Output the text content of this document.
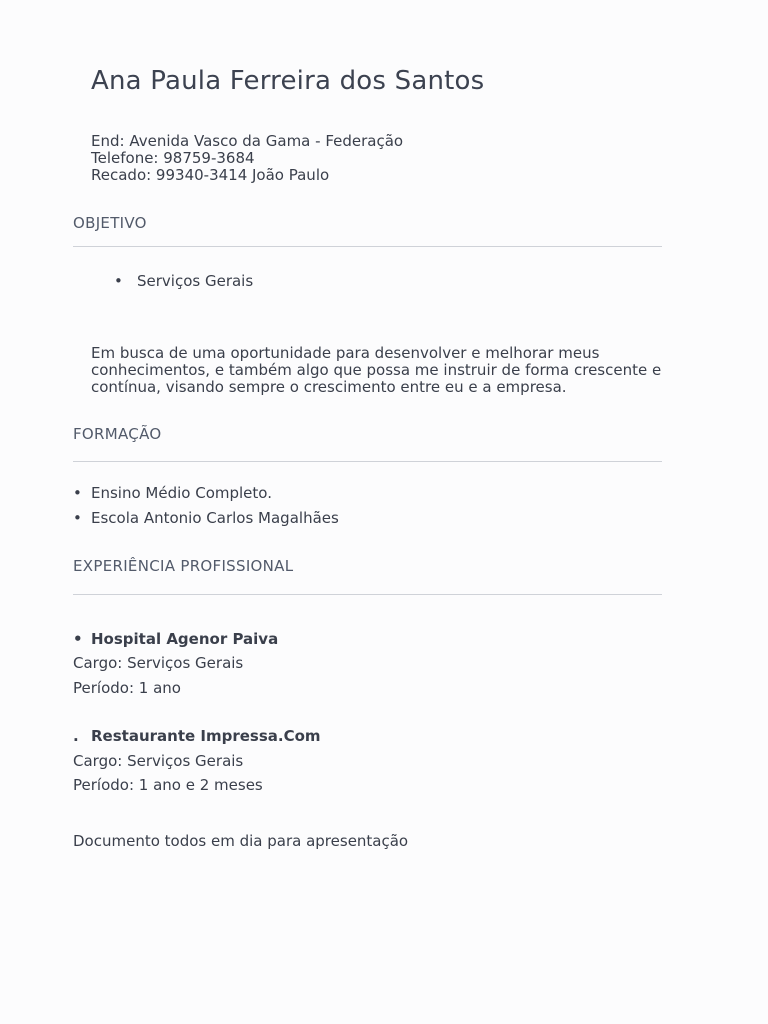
Ana Paula Ferreira dos Santos
End: Avenida Vasco da Gama - Federação
Telefone: 98759-3684
Recado: 99340-3414 João Paulo
OBJETIVO
• Serviços Gerais
Em busca de uma oportunidade para desenvolver e melhorar meus
conhecimentos, e também algo que possa me instruir de forma crescente e
contínua, visando sempre o crescimento entre eu e a empresa.
FORMAÇÃO
• Ensino Médio Completo.
• Escola Antonio Carlos Magalhães
EXPERIÊNCIA PROFISSIONAL
• Hospital Agenor Paiva
Cargo: Serviços Gerais
Período: 1 ano
. Restaurante Impressa.Com
Cargo: Serviços Gerais
Período: 1 ano e 2 meses
Documento todos em dia para apresentação
